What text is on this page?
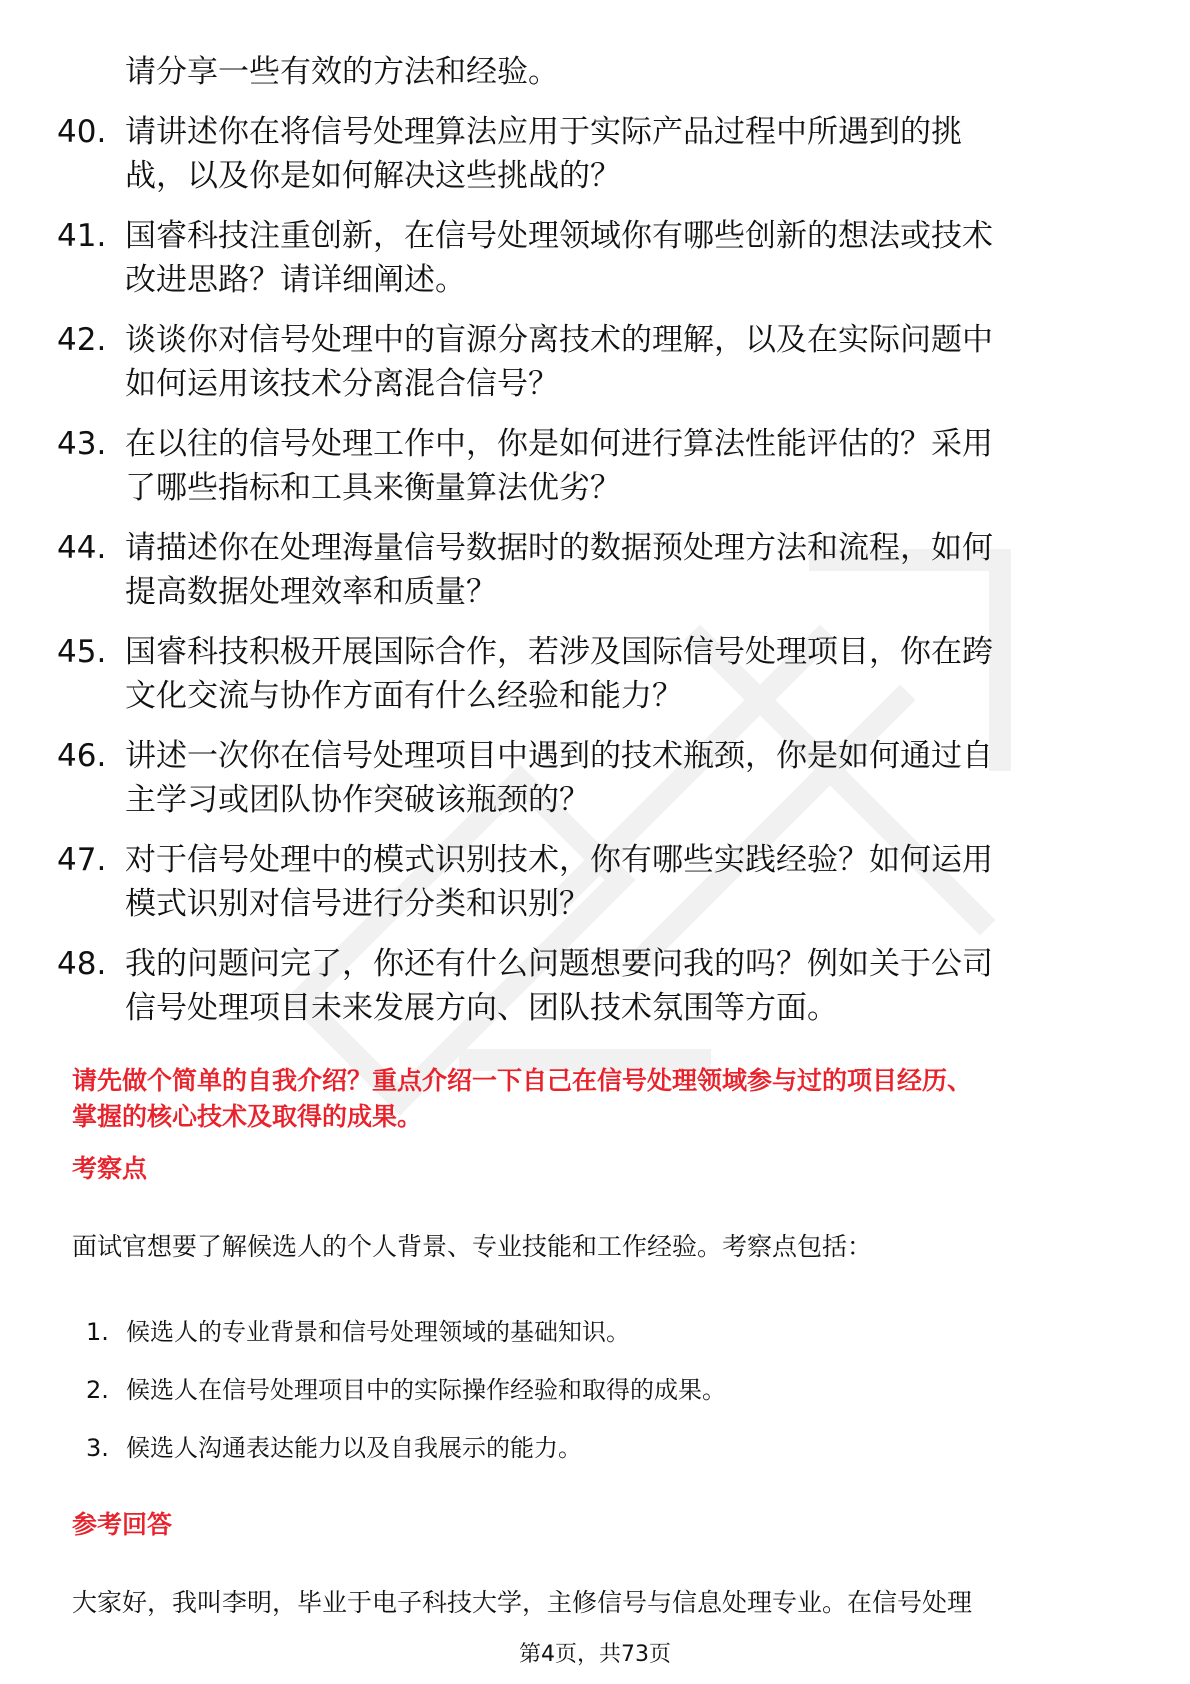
请分享一些有效的方法和经验。
40. 请讲述你在将信号处理算法应用于实际产品过程中所遇到的挑
战，以及你是如何解决这些挑战的？
41. 国睿科技注重创新，在信号处理领域你有哪些创新的想法或技术
改进思路？请详细阐述。
42. 谈谈你对信号处理中的盲源分离技术的理解，以及在实际问题中
如何运用该技术分离混合信号？
43. 在以往的信号处理工作中，你是如何进行算法性能评估的？采用
了哪些指标和工具来衡量算法优劣？
44. 请描述你在处理海量信号数据时的数据预处理方法和流程，如何
提高数据处理效率和质量？
45. 国睿科技积极开展国际合作，若涉及国际信号处理项目，你在跨
文化交流与协作方面有什么经验和能力？
46. 讲述一次你在信号处理项目中遇到的技术瓶颈，你是如何通过自
主学习或团队协作突破该瓶颈的？
47. 对于信号处理中的模式识别技术，你有哪些实践经验？如何运用
模式识别对信号进行分类和识别？
48. 我的问题问完了，你还有什么问题想要问我的吗？例如关于公司
信号处理项目未来发展方向、团队技术氛围等方面。
请先做个简单的自我介绍？重点介绍一下自己在信号处理领域参与过的项目经历、
掌握的核心技术及取得的成果。
考察点
面试官想要了解候选人的个人背景、专业技能和工作经验。考察点包括：
1. 候选人的专业背景和信号处理领域的基础知识。
2. 候选人在信号处理项目中的实际操作经验和取得的成果。
3. 候选人沟通表达能力以及自我展示的能力。
参考回答
大家好，我叫李明，毕业于电子科技大学，主修信号与信息处理专业。在信号处理
第4页，共73页
